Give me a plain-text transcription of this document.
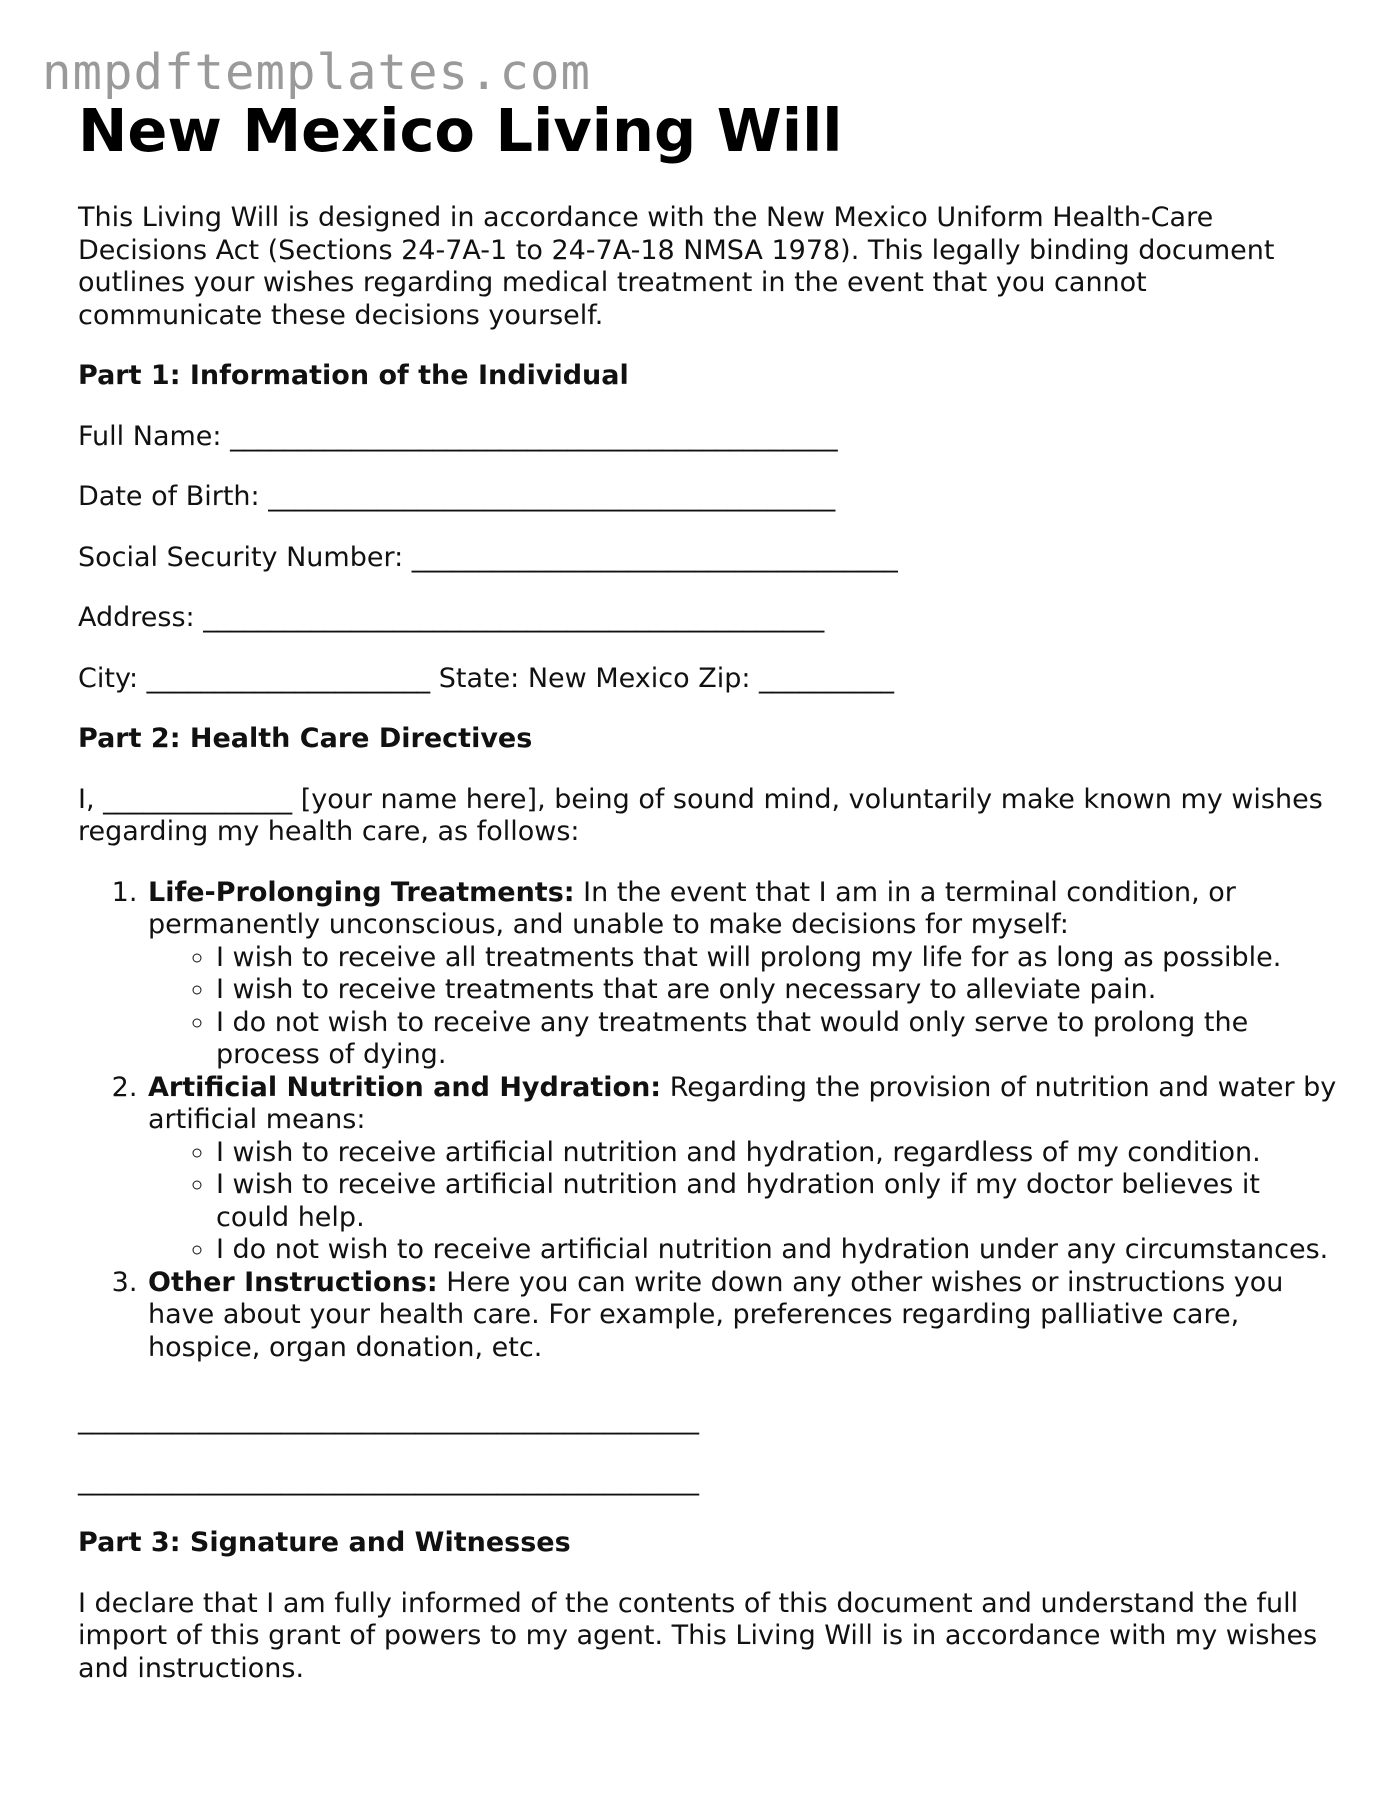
nmpdftemplates.com
New Mexico Living Will

This Living Will is designed in accordance with the New Mexico Uniform Health-Care Decisions Act (Sections 24-7A-1 to 24-7A-18 NMSA 1978). This legally binding document outlines your wishes regarding medical treatment in the event that you cannot communicate these decisions yourself.

Part 1: Information of the Individual

Full Name: _____________________________________________

Date of Birth: __________________________________________

Social Security Number: ____________________________________

Address: ______________________________________________

City: _____________________ State: New Mexico Zip: __________

Part 2: Health Care Directives

I, ______________ [your name here], being of sound mind, voluntarily make known my wishes regarding my health care, as follows:

1. Life-Prolonging Treatments: In the event that I am in a terminal condition, or permanently unconscious, and unable to make decisions for myself:
◦ I wish to receive all treatments that will prolong my life for as long as possible.
◦ I wish to receive treatments that are only necessary to alleviate pain.
◦ I do not wish to receive any treatments that would only serve to prolong the process of dying.
2. Artificial Nutrition and Hydration: Regarding the provision of nutrition and water by artificial means:
◦ I wish to receive artificial nutrition and hydration, regardless of my condition.
◦ I wish to receive artificial nutrition and hydration only if my doctor believes it could help.
◦ I do not wish to receive artificial nutrition and hydration under any circumstances.
3. Other Instructions: Here you can write down any other wishes or instructions you have about your health care. For example, preferences regarding palliative care, hospice, organ donation, etc.

______________________________________________

______________________________________________

Part 3: Signature and Witnesses

I declare that I am fully informed of the contents of this document and understand the full import of this grant of powers to my agent. This Living Will is in accordance with my wishes and instructions.
